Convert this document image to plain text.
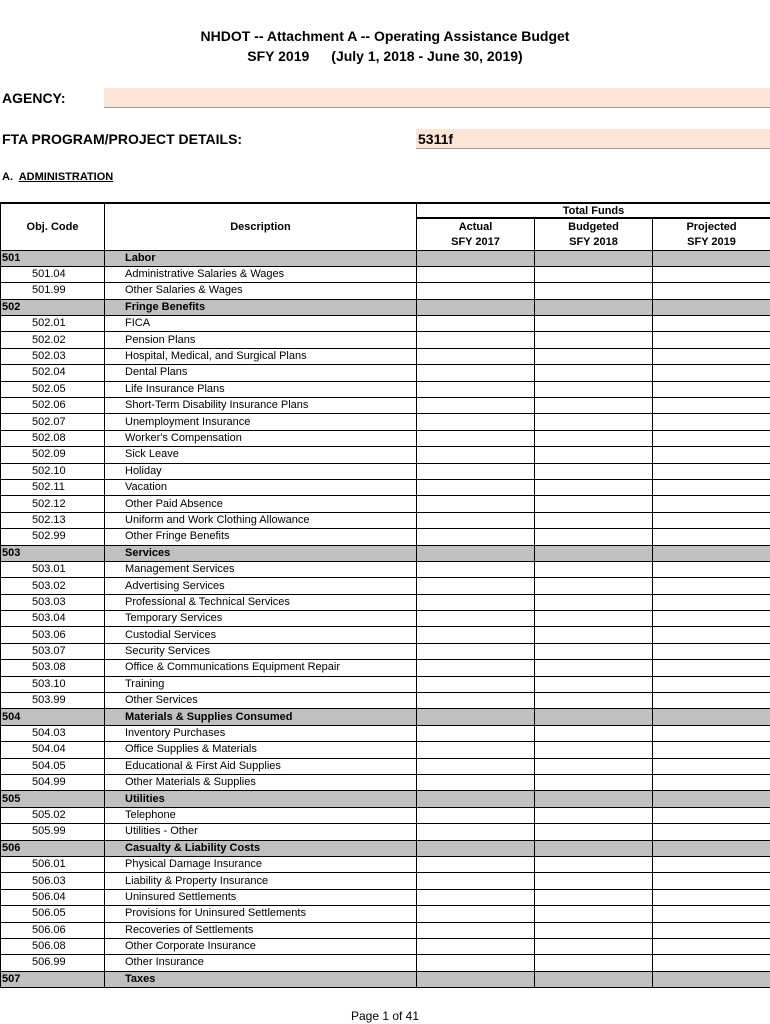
NHDOT -- Attachment A -- Operating Assistance Budget
SFY 2019 (July 1, 2018 - June 30, 2019)
AGENCY:
FTA PROGRAM/PROJECT DETAILS:	5311f
A. ADMINISTRATION
Obj. Code	Description	Total Funds		
		Actual	Budgeted	Projected
		SFY 2017	SFY 2018	SFY 2019
501	Labor			
501.04	Administrative Salaries & Wages			
501.99	Other Salaries & Wages			
502	Fringe Benefits			
502.01	FICA			
502.02	Pension Plans			
502.03	Hospital, Medical, and Surgical Plans			
502.04	Dental Plans			
502.05	Life Insurance Plans			
502.06	Short-Term Disability Insurance Plans			
502.07	Unemployment Insurance			
502.08	Worker's Compensation			
502.09	Sick Leave			
502.10	Holiday			
502.11	Vacation			
502.12	Other Paid Absence			
502.13	Uniform and Work Clothing Allowance			
502.99	Other Fringe Benefits			
503	Services			
503.01	Management Services			
503.02	Advertising Services			
503.03	Professional & Technical Services			
503.04	Temporary Services			
503.06	Custodial Services			
503.07	Security Services			
503.08	Office & Communications Equipment Repair			
503.10	Training			
503.99	Other Services			
504	Materials & Supplies Consumed			
504.03	Inventory Purchases			
504.04	Office Supplies & Materials			
504.05	Educational & First Aid Supplies			
504.99	Other Materials & Supplies			
505	Utilities			
505.02	Telephone			
505.99	Utilities - Other			
506	Casualty & Liability Costs			
506.01	Physical Damage Insurance			
506.03	Liability & Property Insurance			
506.04	Uninsured Settlements			
506.05	Provisions for Uninsured Settlements			
506.06	Recoveries of Settlements			
506.08	Other Corporate Insurance			
506.99	Other Insurance			
507	Taxes			
Page 1 of 41
